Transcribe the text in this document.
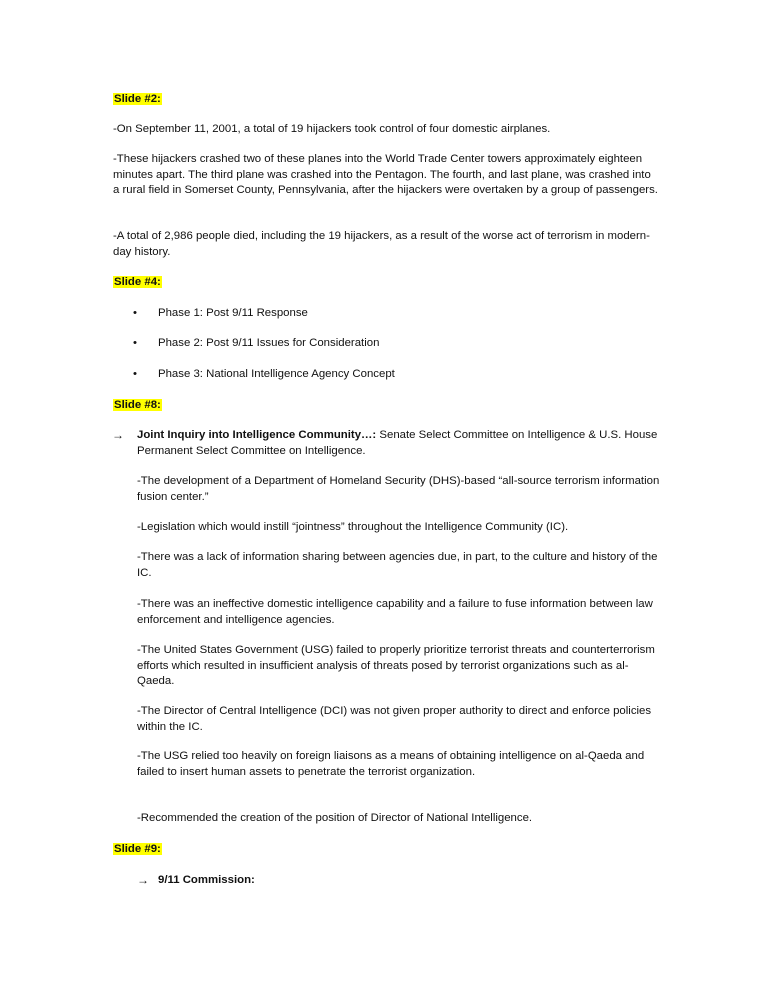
Slide #2:

-On September 11, 2001, a total of 19 hijackers took control of four domestic airplanes.

-These hijackers crashed two of these planes into the World Trade Center towers approximately eighteen minutes apart. The third plane was crashed into the Pentagon. The fourth, and last plane, was crashed into a rural field in Somerset County, Pennsylvania, after the hijackers were overtaken by a group of passengers.

-A total of 2,986 people died, including the 19 hijackers, as a result of the worse act of terrorism in modern-day history.

Slide #4:

• Phase 1: Post 9/11 Response

• Phase 2: Post 9/11 Issues for Consideration

• Phase 3: National Intelligence Agency Concept

Slide #8:

→ Joint Inquiry into Intelligence Community…: Senate Select Committee on Intelligence & U.S. House Permanent Select Committee on Intelligence.

-The development of a Department of Homeland Security (DHS)-based “all-source terrorism information fusion center.”

-Legislation which would instill “jointness” throughout the Intelligence Community (IC).

-There was a lack of information sharing between agencies due, in part, to the culture and history of the IC.

-There was an ineffective domestic intelligence capability and a failure to fuse information between law enforcement and intelligence agencies.

-The United States Government (USG) failed to properly prioritize terrorist threats and counterterrorism efforts which resulted in insufficient analysis of threats posed by terrorist organizations such as al-Qaeda.

-The Director of Central Intelligence (DCI) was not given proper authority to direct and enforce policies within the IC.

-The USG relied too heavily on foreign liaisons as a means of obtaining intelligence on al-Qaeda and failed to insert human assets to penetrate the terrorist organization.

-Recommended the creation of the position of Director of National Intelligence.

Slide #9:

→ 9/11 Commission:
